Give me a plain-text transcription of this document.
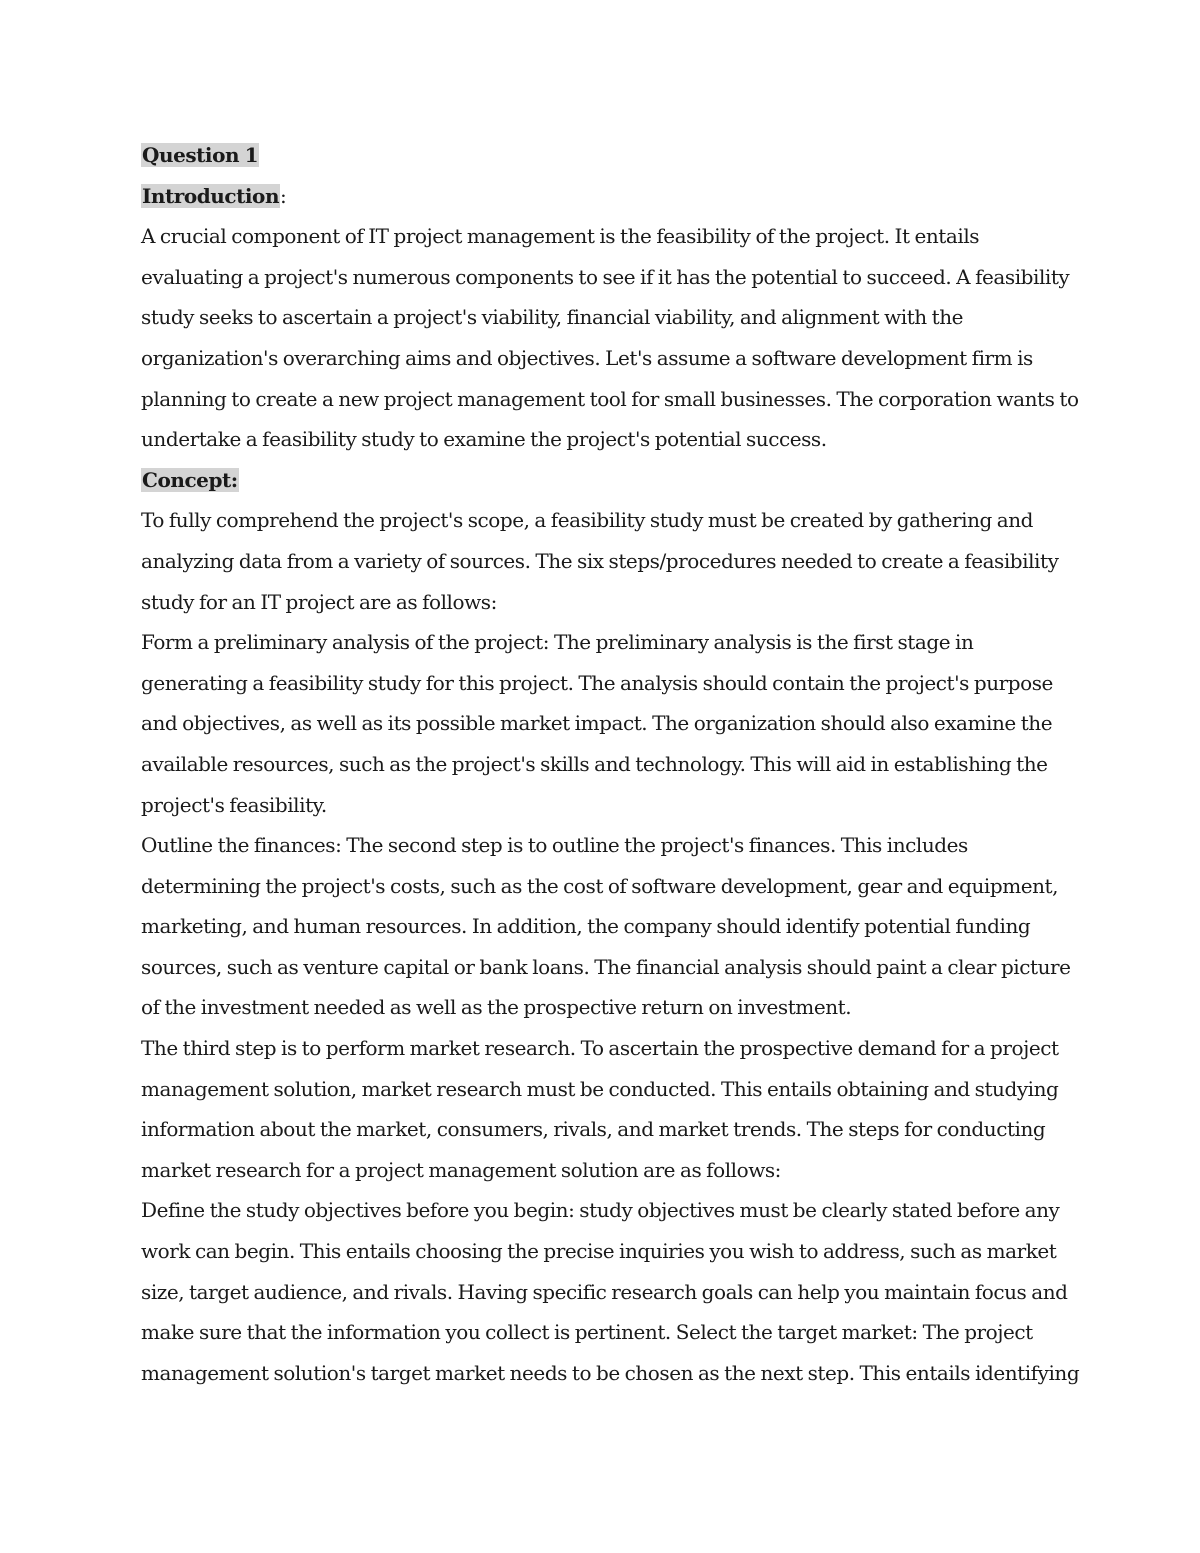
Question 1
Introduction:
A crucial component of IT project management is the feasibility of the project. It entails
evaluating a project's numerous components to see if it has the potential to succeed. A feasibility
study seeks to ascertain a project's viability, financial viability, and alignment with the
organization's overarching aims and objectives. Let's assume a software development firm is
planning to create a new project management tool for small businesses. The corporation wants to
undertake a feasibility study to examine the project's potential success.
Concept:
To fully comprehend the project's scope, a feasibility study must be created by gathering and
analyzing data from a variety of sources. The six steps/procedures needed to create a feasibility
study for an IT project are as follows:
Form a preliminary analysis of the project: The preliminary analysis is the first stage in
generating a feasibility study for this project. The analysis should contain the project's purpose
and objectives, as well as its possible market impact. The organization should also examine the
available resources, such as the project's skills and technology. This will aid in establishing the
project's feasibility.
Outline the finances: The second step is to outline the project's finances. This includes
determining the project's costs, such as the cost of software development, gear and equipment,
marketing, and human resources. In addition, the company should identify potential funding
sources, such as venture capital or bank loans. The financial analysis should paint a clear picture
of the investment needed as well as the prospective return on investment.
The third step is to perform market research. To ascertain the prospective demand for a project
management solution, market research must be conducted. This entails obtaining and studying
information about the market, consumers, rivals, and market trends. The steps for conducting
market research for a project management solution are as follows:
Define the study objectives before you begin: study objectives must be clearly stated before any
work can begin. This entails choosing the precise inquiries you wish to address, such as market
size, target audience, and rivals. Having specific research goals can help you maintain focus and
make sure that the information you collect is pertinent. Select the target market: The project
management solution's target market needs to be chosen as the next step. This entails identifying
